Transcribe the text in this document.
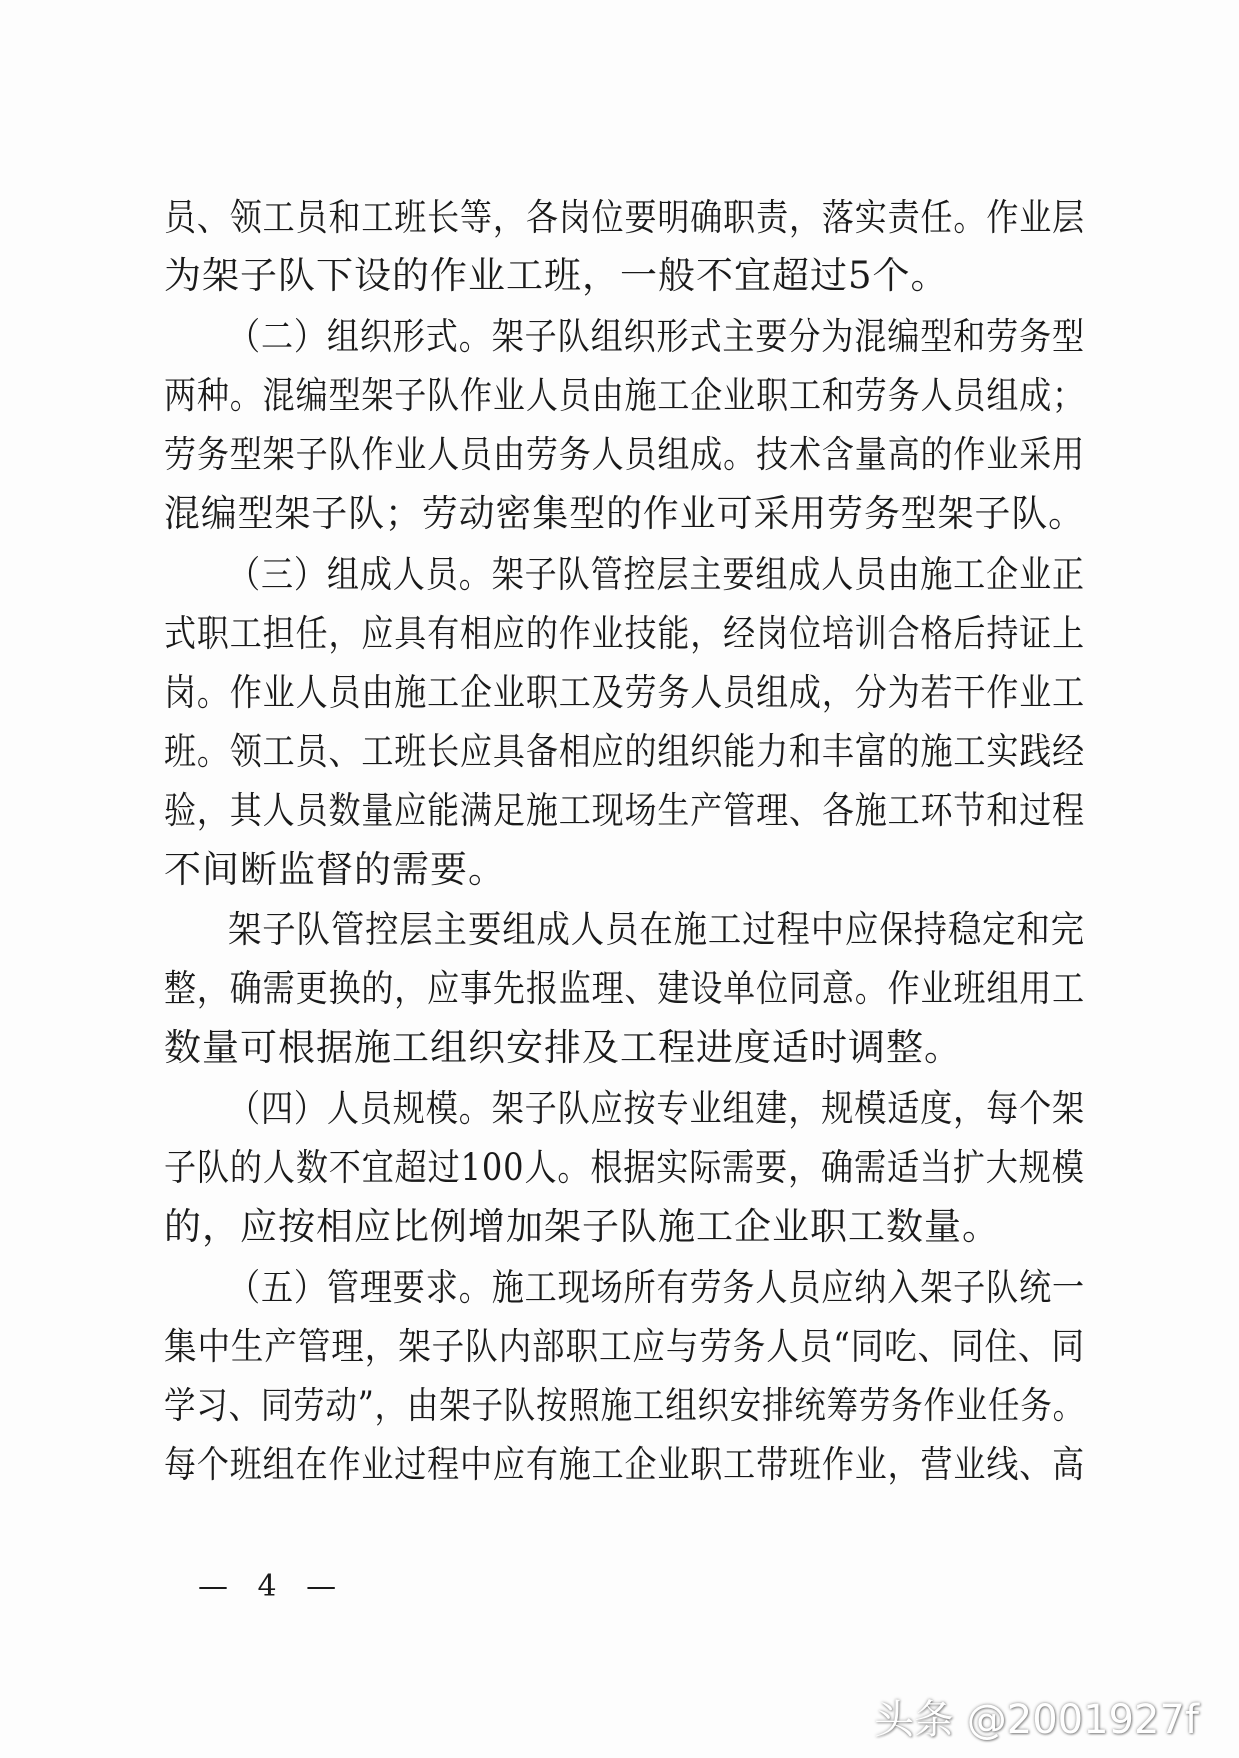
员、领工员和工班长等，各岗位要明确职责，落实责任。作业层
为架子队下设的作业工班，一般不宜超过5个。
（二）组织形式。架子队组织形式主要分为混编型和劳务型
两种。混编型架子队作业人员由施工企业职工和劳务人员组成；
劳务型架子队作业人员由劳务人员组成。技术含量高的作业采用
混编型架子队；劳动密集型的作业可采用劳务型架子队。
（三）组成人员。架子队管控层主要组成人员由施工企业正
式职工担任，应具有相应的作业技能，经岗位培训合格后持证上
岗。作业人员由施工企业职工及劳务人员组成，分为若干作业工
班。领工员、工班长应具备相应的组织能力和丰富的施工实践经
验，其人员数量应能满足施工现场生产管理、各施工环节和过程
不间断监督的需要。
架子队管控层主要组成人员在施工过程中应保持稳定和完
整，确需更换的，应事先报监理、建设单位同意。作业班组用工
数量可根据施工组织安排及工程进度适时调整。
（四）人员规模。架子队应按专业组建，规模适度，每个架
子队的人数不宜超过100人。根据实际需要，确需适当扩大规模
的，应按相应比例增加架子队施工企业职工数量。
（五）管理要求。施工现场所有劳务人员应纳入架子队统一
集中生产管理，架子队内部职工应与劳务人员“同吃、同住、同
学习、同劳动”，由架子队按照施工组织安排统筹劳务作业任务。
每个班组在作业过程中应有施工企业职工带班作业，营业线、高
— 4 —
头条 @2001927f
